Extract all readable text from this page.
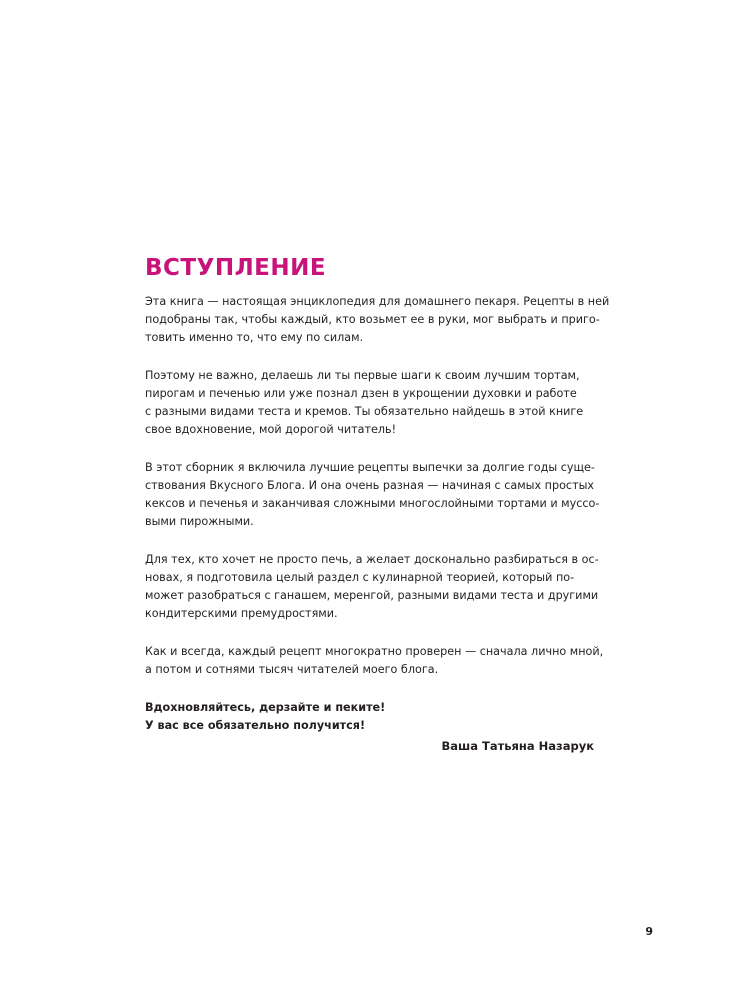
ВСТУПЛЕНИЕ

Эта книга — настоящая энциклопедия для домашнего пекаря. Рецепты в ней
подобраны так, чтобы каждый, кто возьмет ее в руки, мог выбрать и приго-
товить именно то, что ему по силам.

Поэтому не важно, делаешь ли ты первые шаги к своим лучшим тортам,
пирогам и печенью или уже познал дзен в укрощении духовки и работе
с разными видами теста и кремов. Ты обязательно найдешь в этой книге
свое вдохновение, мой дорогой читатель!

В этот сборник я включила лучшие рецепты выпечки за долгие годы суще-
ствования Вкусного Блога. И она очень разная — начиная с самых простых
кексов и печенья и заканчивая сложными многослойными тортами и муссо-
выми пирожными.

Для тех, кто хочет не просто печь, а желает досконально разбираться в ос-
новах, я подготовила целый раздел с кулинарной теорией, который по-
может разобраться с ганашем, меренгой, разными видами теста и другими
кондитерскими премудростями.

Как и всегда, каждый рецепт многократно проверен — сначала лично мной,
а потом и сотнями тысяч читателей моего блога.

Вдохновляйтесь, дерзайте и пеките!
У вас все обязательно получится!

Ваша Татьяна Назарук

9
